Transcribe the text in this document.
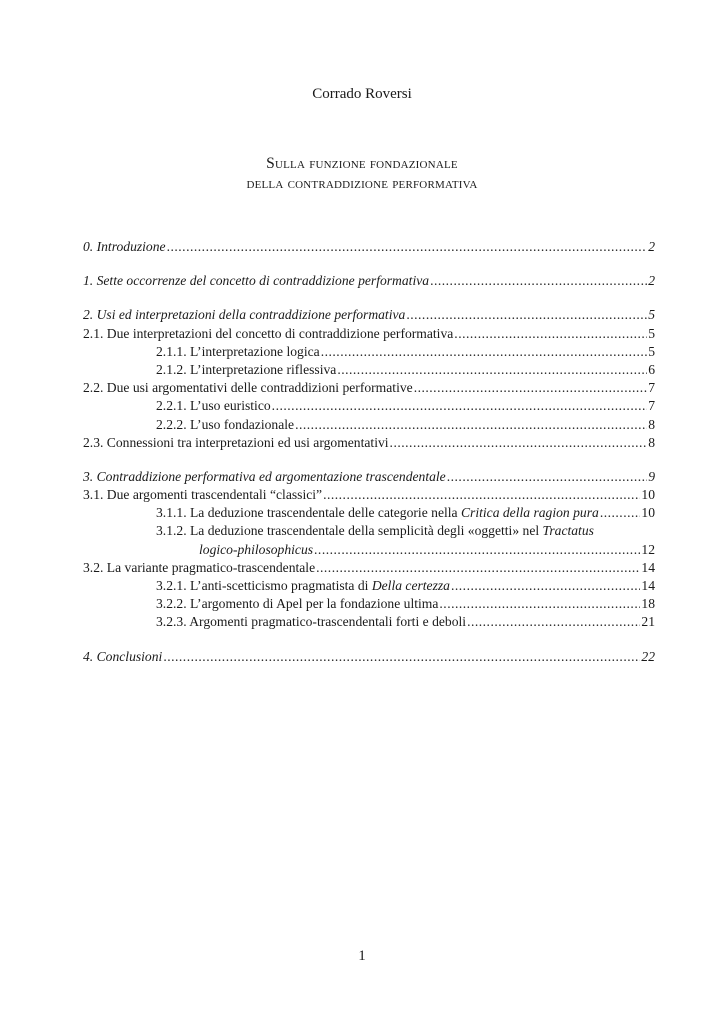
Corrado Roversi
Sulla funzione fondazionale
della contraddizione performativa
0. Introduzione .....	2
1. Sette occorrenze del concetto di contraddizione performativa .....	2
2. Usi ed interpretazioni della contraddizione performativa .....	5
2.1. Due interpretazioni del concetto di contraddizione performativa .....	5
2.1.1. L’interpretazione logica .....	5
2.1.2. L’interpretazione riflessiva .....	6
2.2. Due usi argomentativi delle contraddizioni performative .....	7
2.2.1. L’uso euristico .....	7
2.2.2. L’uso fondazionale .....	8
2.3. Connessioni tra interpretazioni ed usi argomentativi .....	8
3. Contraddizione performativa ed argomentazione trascendentale .....	9
3.1. Due argomenti trascendentali “classici” .....	10
3.1.1. La deduzione trascendentale delle categorie nella Critica della ragion pura .....	10
3.1.2. La deduzione trascendentale della semplicità degli «oggetti» nel Tractatus
logico-philosophicus .....	12
3.2. La variante pragmatico-trascendentale .....	14
3.2.1. L’anti-scetticismo pragmatista di Della certezza .....	14
3.2.2. L’argomento di Apel per la fondazione ultima .....	18
3.2.3. Argomenti pragmatico-trascendentali forti e deboli .....	21
4. Conclusioni .....	22
1
